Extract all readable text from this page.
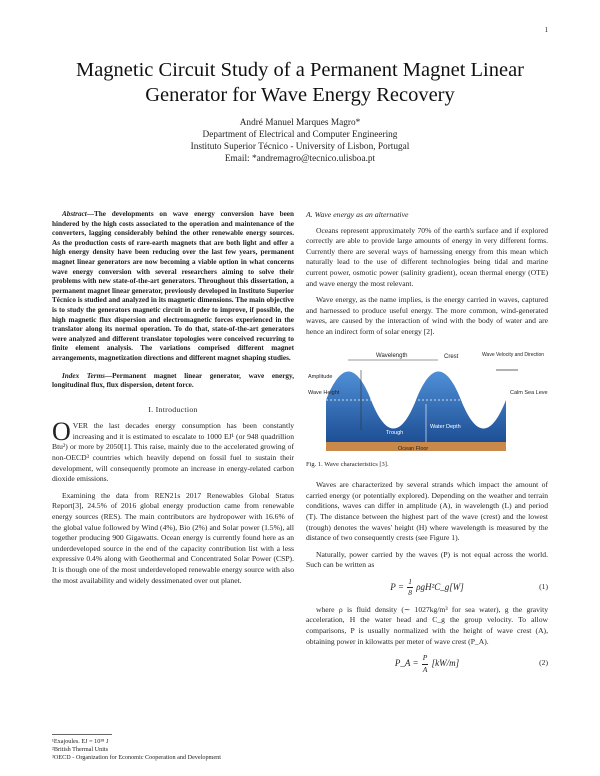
1
Magnetic Circuit Study of a Permanent Magnet Linear Generator for Wave Energy Recovery
André Manuel Marques Magro*
Department of Electrical and Computer Engineering
Instituto Superior Técnico - University of Lisbon, Portugal
Email: *andremagro@tecnico.ulisboa.pt

Abstract—The developments on wave energy conversion have been hindered by the high costs associated to the operation and maintenance of the converters, lagging considerably behind the other renewable energy sources. As the production costs of rare-earth magnets that are both light and offer a high energy density have been reducing over the last few years, permanent magnet linear generators are now becoming a viable option in what concerns wave energy conversion with several researchers aiming to solve their problems with new state-of-the-art generators. Throughout this dissertation, a permanent magnet linear generator, previously developed in Instituto Superior Técnico is studied and analyzed in its magnetic dimensions. The main objective is to study the generators magnetic circuit in order to improve, if possible, the high magnetic flux dispersion and electromagnetic forces experienced in the translator along its normal operation. To do that, state-of-the-art generators were analyzed and different translator topologies were conceived recurring to finite element analysis. The variations comprised different magnet arrangements, magnetization directions and different magnet shaping studies.

Index Terms—Permanent magnet linear generator, wave energy, longitudinal flux, flux dispersion, detent force.

I. Introduction

OVER the last decades energy consumption has been constantly increasing and it is estimated to escalate to 1000 EJ¹ (or 948 quadrillion Btu²) or more by 2050[1]. This raise, mainly due to the accelerated growing of non-OECD³ countries which heavily depend on fossil fuel to sustain their development, will consequently promote an increase in energy-related carbon dioxide emissions.

Examining the data from REN21s 2017 Renewables Global Status Report[3], 24.5% of 2016 global energy production came from renewable energy sources (RES). The main contributors are hydropower with 16.6% of the global value followed by Wind (4%), Bio (2%) and Solar power (1.5%), all together producing 900 Gigawatts. Ocean energy is currently found here as an underdeveloped source in the end of the capacity contribution list with a less expressive 0.4% along with Geothermal and Concentrated Solar Power (CSP). It is though one of the most underdeveloped renewable energy source with also the most availability and widely dessimenated over out planet.

¹Exajoules. EJ = 10¹⁸ J
²British Thermal Units
³OECD - Organization for Economic Cooperation and Development
A. Wave energy as an alternative

Oceans represent approximately 70% of the earth's surface and if explored correctly are able to provide large amounts of energy in very different forms. Currently there are several ways of harnessing energy from this mean which naturally lead to the use of different technologies being tidal and marine current power, osmotic power (salinity gradient), ocean thermal energy (OTE) and wave energy the most relevant.

Wave energy, as the name implies, is the energy carried in waves, captured and harnessed to produce useful energy. The more common, wind-generated waves, are caused by the interaction of wind with the body of water and are hence an indirect form of solar energy [2].

Wavelength	Crest
Amplitude
Wave Height
Trough
Water Depth
Ocean Floor
Wave Velocity and Direction
Calm Sea Level
Fig. 1. Wave characteristics [3].

Waves are characterized by several strands which impact the amount of carried energy (or potentially explored). Depending on the weather and terrain conditions, waves can differ in amplitude (A), in wavelength (L) and period (T). The distance between the highest part of the wave (crest) and the lowest (trough) denotes the waves' height (H) where wavelength is measured by the distance of two consequently crests (see Figure 1).

Naturally, power carried by the waves (P) is not equal across the world. Such can be written as

$P = \frac{1}{8}$ ρgH²C_g[W]	(1)

where ρ is fluid density (∼ 1027kg/m³ for sea water), g the gravity acceleration, H the water head and C_g the group velocity. To allow comparisons, P is usually normalized with the height of wave crest (A), obtaining power in kilowatts per meter of wave crest (P_A).

P_A = $\frac{P}{A} [kW/m]$	(2)
